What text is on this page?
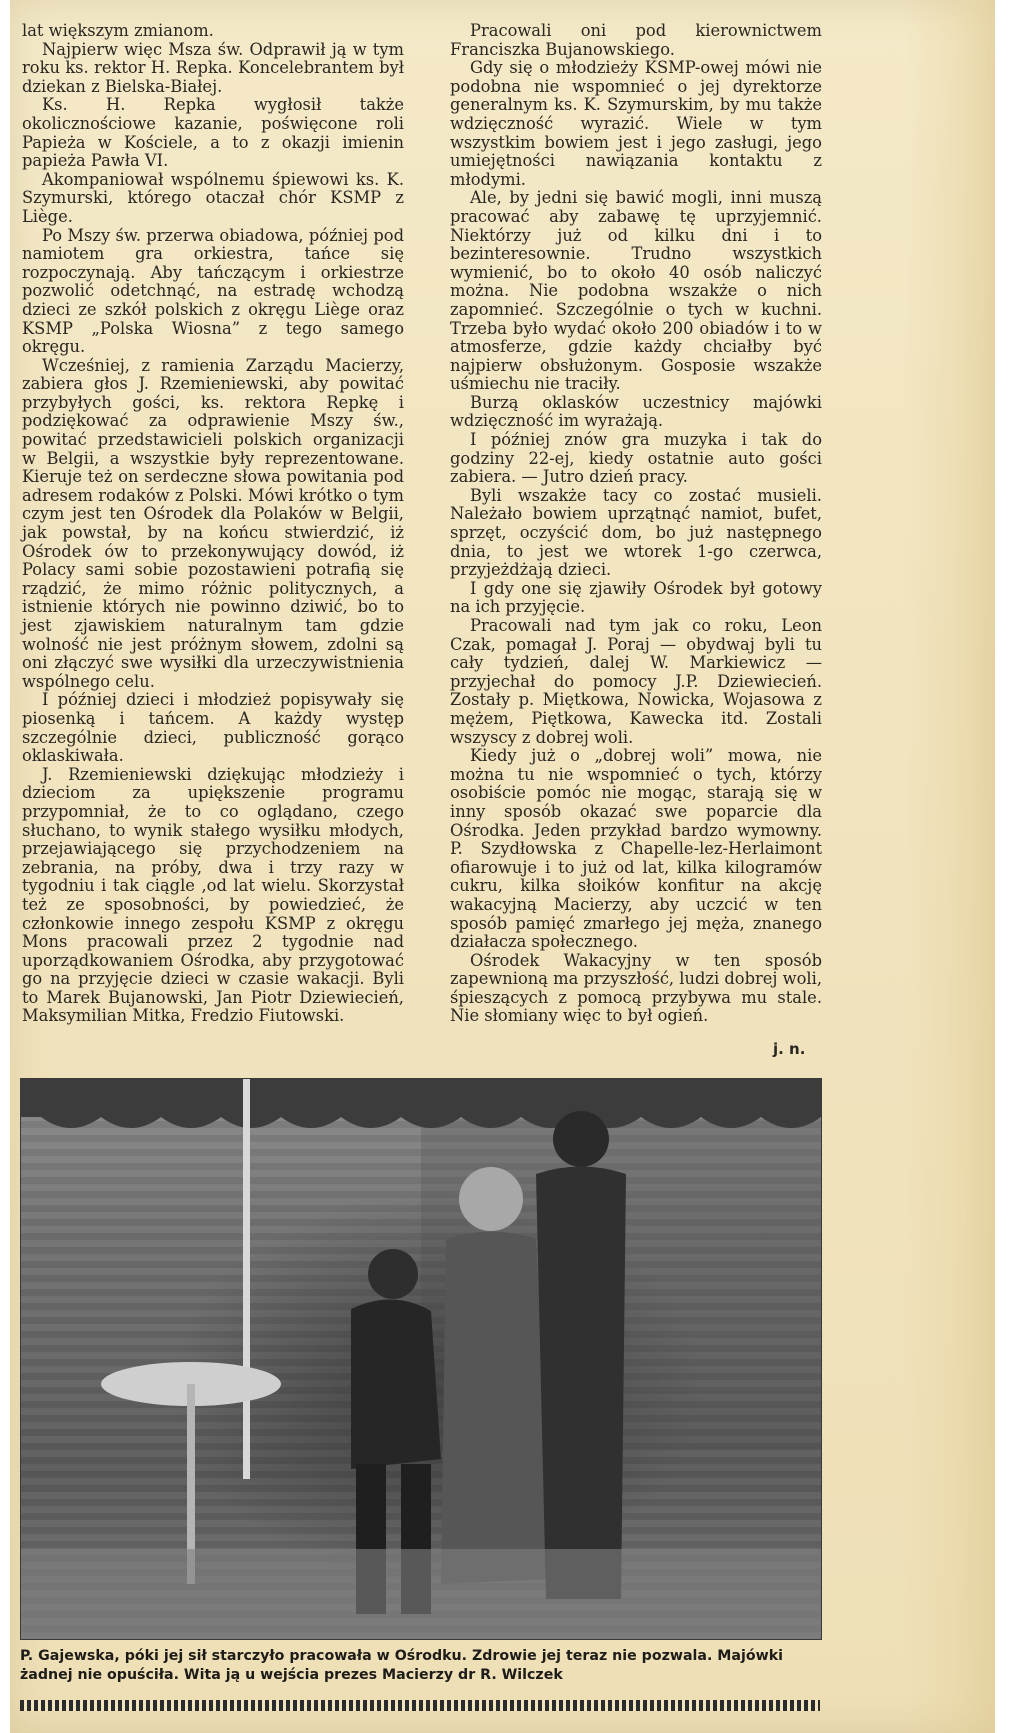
lat większym zmianom.

Najpierw więc Msza św. Odprawił ją w tym roku ks. rektor H. Repka. Koncelebrantem był dziekan z Bielska-Białej.

Ks. H. Repka wygłosił także okolicznościowe kazanie, poświęcone roli Papieża w Kościele, a to z okazji imienin papieża Pawła VI.

Akompaniował wspólnemu śpiewowi ks. K. Szymurski, którego otaczał chór KSMP z Liège.

Po Mszy św. przerwa obiadowa, później pod namiotem gra orkiestra, tańce się rozpoczynają. Aby tańczącym i orkiestrze pozwolić odetchnąć, na estradę wchodzą dzieci ze szkół polskich z okręgu Liège oraz KSMP „Polska Wiosna” z tego samego okręgu.

Wcześniej, z ramienia Zarządu Macierzy, zabiera głos J. Rzemieniewski, aby powitać przybyłych gości, ks. rektora Repkę i podziękować za odprawienie Mszy św., powitać przedstawicieli polskich organizacji w Belgii, a wszystkie były reprezentowane. Kieruje też on serdeczne słowa powitania pod adresem rodaków z Polski. Mówi krótko o tym czym jest ten Ośrodek dla Polaków w Belgii, jak powstał, by na końcu stwierdzić, iż Ośrodek ów to przekonywujący dowód, iż Polacy sami sobie pozostawieni potrafią się rządzić, że mimo różnic politycznych, a istnienie których nie powinno dziwić, bo to jest zjawiskiem naturalnym tam gdzie wolność nie jest próżnym słowem, zdolni są oni złączyć swe wysiłki dla urzeczywistnienia wspólnego celu.

I później dzieci i młodzież popisywały się piosenką i tańcem. A każdy występ szczególnie dzieci, publiczność gorąco oklaskiwała.

J. Rzemieniewski dziękując młodzieży i dzieciom za upiększenie programu przypomniał, że to co oglądano, czego słuchano, to wynik stałego wysiłku młodych, przejawiającego się przychodzeniem na zebrania, na próby, dwa i trzy razy w tygodniu i tak ciągle ,od lat wielu. Skorzystał też ze sposobności, by powiedzieć, że członkowie innego zespołu KSMP z okręgu Mons pracowali przez 2 tygodnie nad uporządkowaniem Ośrodka, aby przygotować go na przyjęcie dzieci w czasie wakacji. Byli to Marek Bujanowski, Jan Piotr Dziewiecień, Maksymilian Mitka, Fredzio Fiutowski.

Pracowali oni pod kierownictwem Franciszka Bujanowskiego.

Gdy się o młodzieży KSMP-owej mówi nie podobna nie wspomnieć o jej dyrektorze generalnym ks. K. Szymurskim, by mu także wdzięczność wyrazić. Wiele w tym wszystkim bowiem jest i jego zasługi, jego umiejętności nawiązania kontaktu z młodymi.

Ale, by jedni się bawić mogli, inni muszą pracować aby zabawę tę uprzyjemnić. Niektórzy już od kilku dni i to bezinteresownie. Trudno wszystkich wymienić, bo to około 40 osób naliczyć można. Nie podobna wszakże o nich zapomnieć. Szczególnie o tych w kuchni. Trzeba było wydać około 200 obiadów i to w atmosferze, gdzie każdy chciałby być najpierw obsłużonym. Gosposie wszakże uśmiechu nie traciły.

Burzą oklasków uczestnicy majówki wdzięczność im wyrażają.

I później znów gra muzyka i tak do godziny 22-ej, kiedy ostatnie auto gości zabiera. — Jutro dzień pracy.

Byli wszakże tacy co zostać musieli. Należało bowiem uprzątnąć namiot, bufet, sprzęt, oczyścić dom, bo już następnego dnia, to jest we wtorek 1-go czerwca, przyjeżdżają dzieci.

I gdy one się zjawiły Ośrodek był gotowy na ich przyjęcie.

Pracowali nad tym jak co roku, Leon Czak, pomagał J. Poraj — obydwaj byli tu cały tydzień, dalej W. Markiewicz — przyjechał do pomocy J.P. Dziewiecień. Zostały p. Miętkowa, Nowicka, Wojasowa z mężem, Piętkowa, Kawecka itd. Zostali wszyscy z dobrej woli.

Kiedy już o „dobrej woli” mowa, nie można tu nie wspomnieć o tych, którzy osobiście pomóc nie mogąc, starają się w inny sposób okazać swe poparcie dla Ośrodka. Jeden przykład bardzo wymowny. P. Szydłowska z Chapelle-lez-Herlaimont ofiarowuje i to już od lat, kilka kilogramów cukru, kilka słoików konfitur na akcję wakacyjną Macierzy, aby uczcić w ten sposób pamięć zmarłego jej męża, znanego działacza społecznego.

Ośrodek Wakacyjny w ten sposób zapewnioną ma przyszłość, ludzi dobrej woli, śpieszących z pomocą przybywa mu stale. Nie słomiany więc to był ogień.

j. n.
P. Gajewska, póki jej sił starczyło pracowała w Ośrodku. Zdrowie jej teraz nie pozwala. Majówki żadnej nie opuściła. Wita ją u wejścia prezes Macierzy dr R. Wilczek
